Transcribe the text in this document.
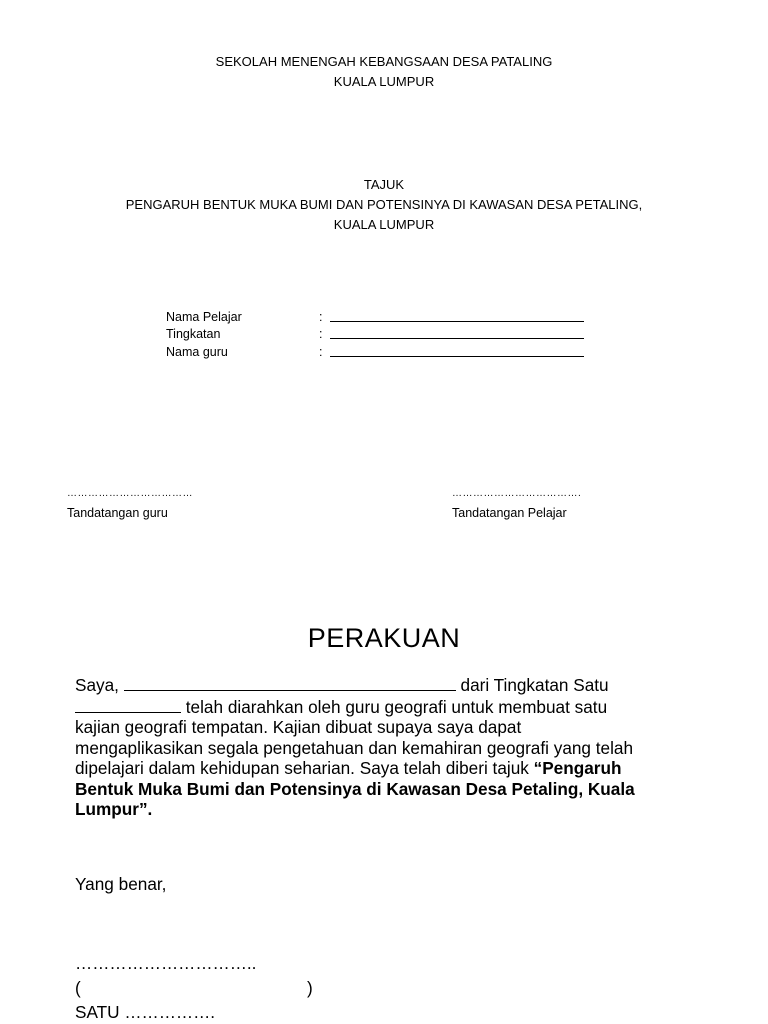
SEKOLAH MENENGAH KEBANGSAAN DESA PATALING
KUALA LUMPUR
TAJUK
PENGARUH BENTUK MUKA BUMI DAN POTENSINYA DI KAWASAN DESA PETALING,
KUALA LUMPUR
Nama Pelajar	:
Tingkatan	:
Nama guru	:
………………………………
Tandatangan guru
……………………………….
Tandatangan Pelajar
PERAKUAN
Saya,	dari Tingkatan Satu
telah diarahkan oleh guru geografi untuk membuat satu
kajian geografi tempatan. Kajian dibuat supaya saya dapat
mengaplikasikan segala pengetahuan dan kemahiran geografi yang telah
dipelajari dalam kehidupan seharian. Saya telah diberi tajuk “Pengaruh
Bentuk Muka Bumi dan Potensinya di Kawasan Desa Petaling, Kuala
Lumpur”.
Yang benar,
…………………………..
(	)
SATU …………….
